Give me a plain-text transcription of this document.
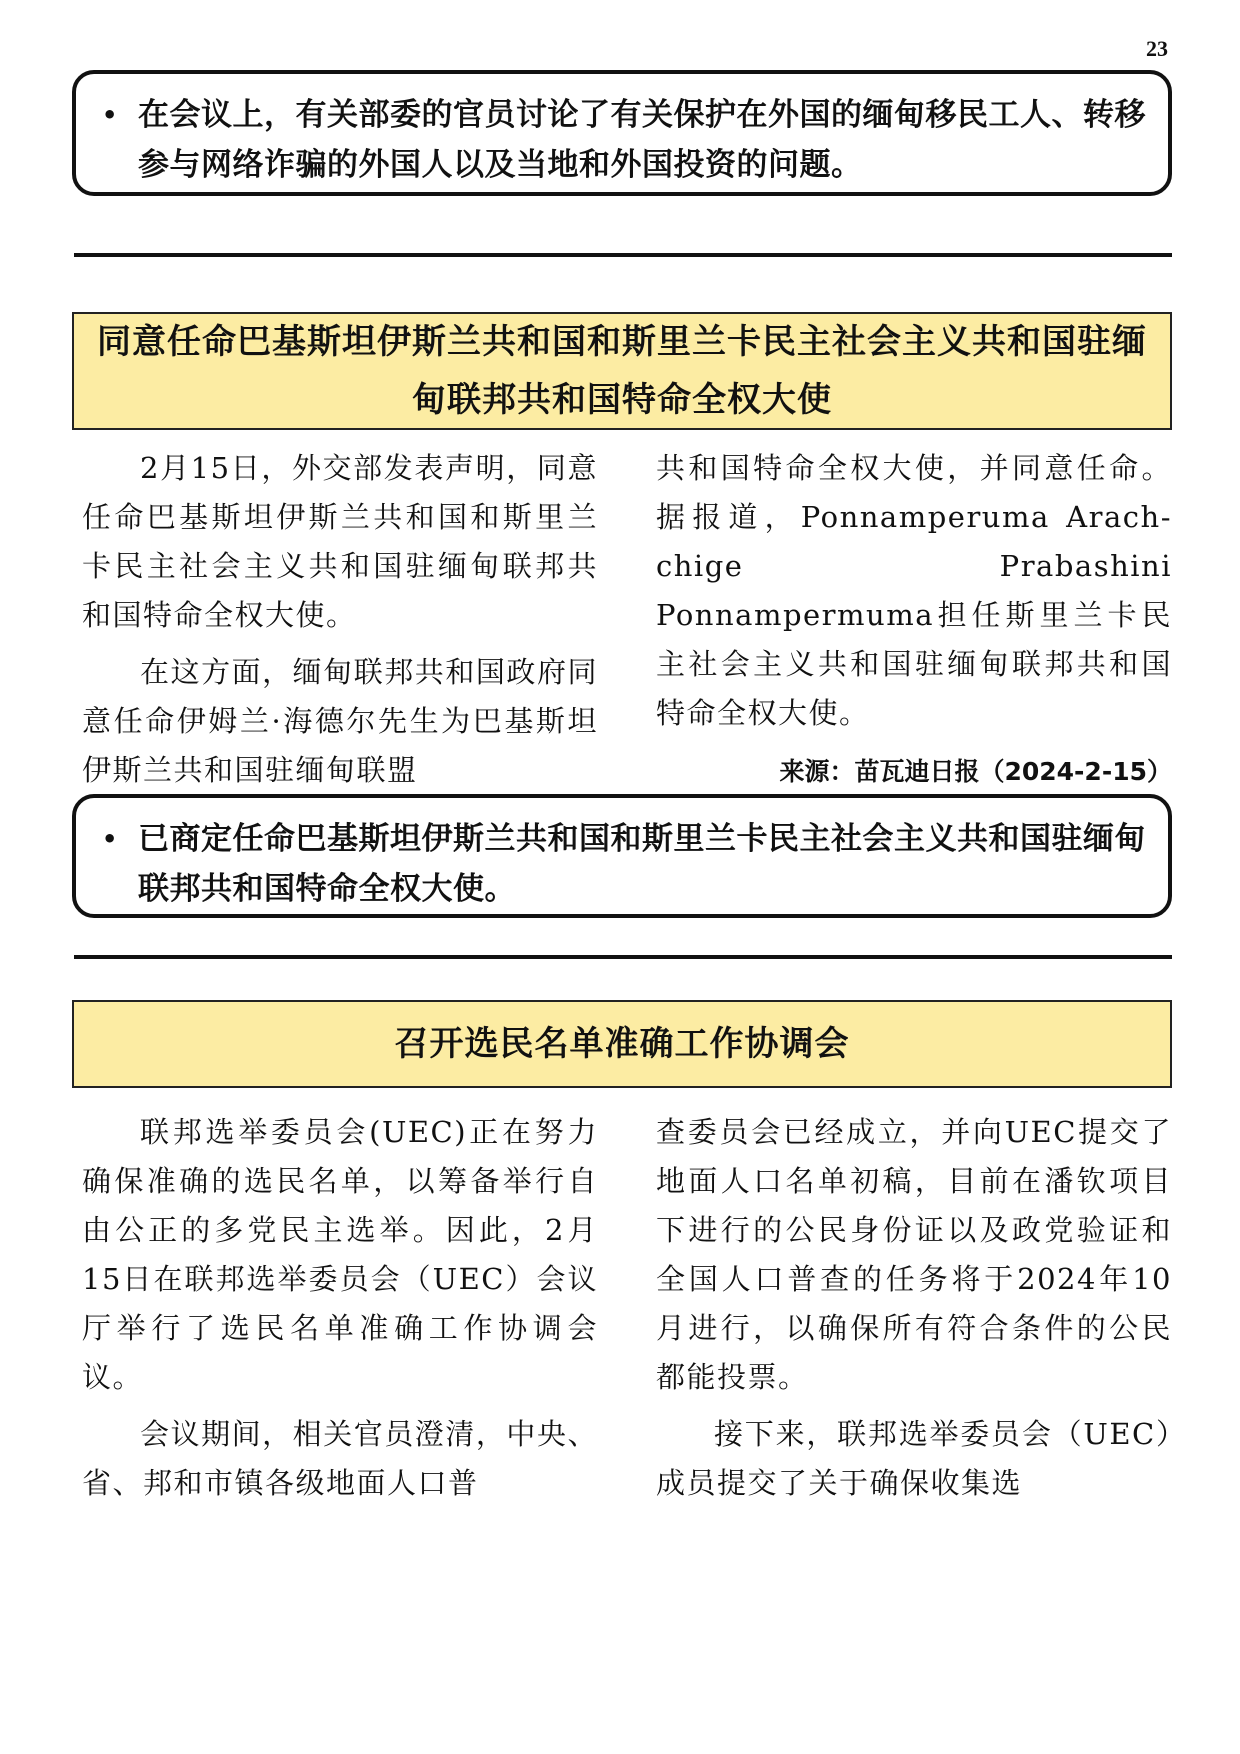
23
• 在会议上，有关部委的官员讨论了有关保护在外国的缅甸移民工人、转移参与网络诈骗的外国人以及当地和外国投资的问题。
同意任命巴基斯坦伊斯兰共和国和斯里兰卡民主社会主义共和国驻缅甸联邦共和国特命全权大使

2月15日，外交部发表声明，同意任命巴基斯坦伊斯兰共和国和斯里兰卡民主社会主义共和国驻缅甸联邦共和国特命全权大使。

在这方面，缅甸联邦共和国政府同意任命伊姆兰·海德尔先生为巴基斯坦伊斯兰共和国驻缅甸联盟

共和国特命全权大使，并同意任命。据报道，Ponnamperuma Arach-chige Prabashini Ponnampermuma担任斯里兰卡民主社会主义共和国驻缅甸联邦共和国特命全权大使。

来源：苗瓦迪日报（2024-2-15）
• 已商定任命巴基斯坦伊斯兰共和国和斯里兰卡民主社会主义共和国驻缅甸联邦共和国特命全权大使。
召开选民名单准确工作协调会

联邦选举委员会(UEC)正在努力确保准确的选民名单，以筹备举行自由公正的多党民主选举。因此，2月15日在联邦选举委员会（UEC）会议厅举行了选民名单准确工作协调会议。

会议期间，相关官员澄清，中央、省、邦和市镇各级地面人口普

查委员会已经成立，并向UEC提交了地面人口名单初稿，目前在潘钦项目下进行的公民身份证以及政党验证和全国人口普查的任务将于2024年10月进行，以确保所有符合条件的公民都能投票。

接下来，联邦选举委员会（UEC）成员提交了关于确保收集选
